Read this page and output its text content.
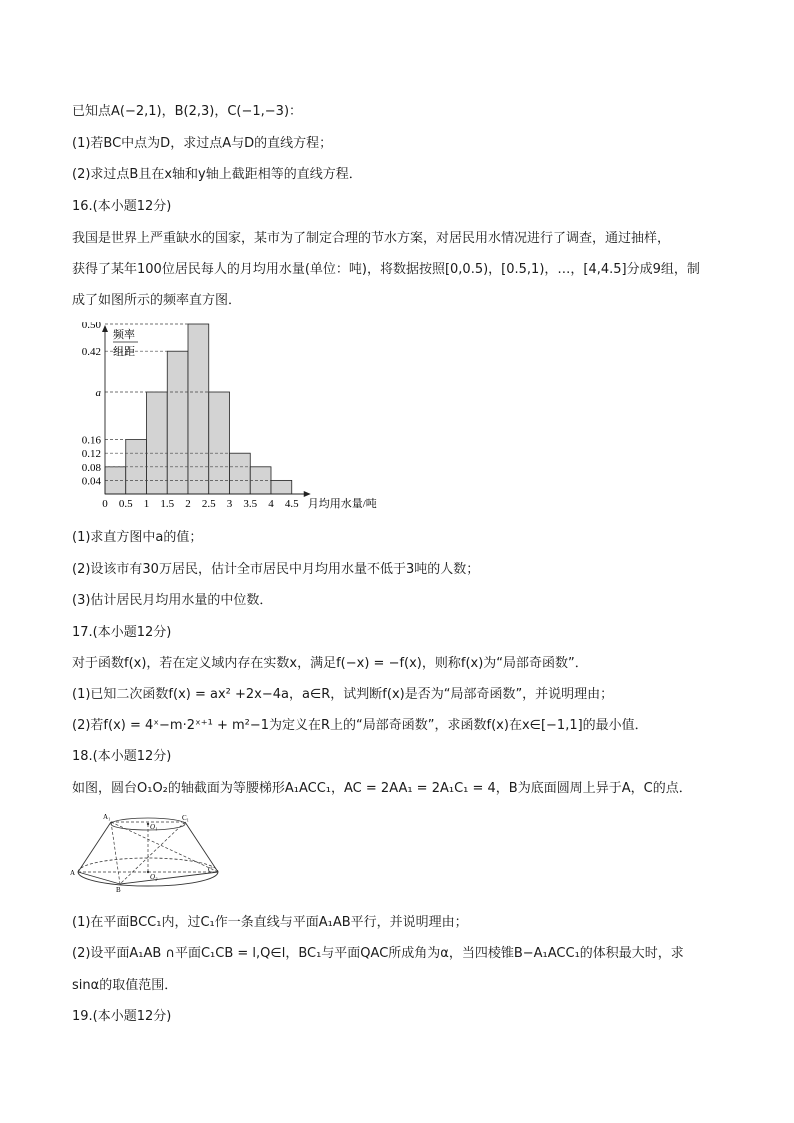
已知点A(−2,1)，B(2,3)，C(−1,−3)：
(1)若BC中点为D，求过点A与D的直线方程；
(2)求过点B且在x轴和y轴上截距相等的直线方程．
16.(本小题12分)
我国是世界上严重缺水的国家，某市为了制定合理的节水方案，对居民用水情况进行了调查，通过抽样，
获得了某年100位居民每人的月均用水量(单位：吨)，将数据按照[0,0.5)，[0.5,1)，…，[4,4.5]分成9组，制
成了如图所示的频率直方图．
0.50
0.42
a
0.16
0.12
0.08
0.04
0 0.5 1 1.5 2 2.5 3 3.5 4 4.5 月均用水量/吨
频率
组距
(1)求直方图中a的值；
(2)设该市有30万居民，估计全市居民中月均用水量不低于3吨的人数；
(3)估计居民月均用水量的中位数．
17.(本小题12分)
对于函数f(x)，若在定义域内存在实数x，满足f(−x) = −f(x)，则称f(x)为“局部奇函数”．
(1)已知二次函数f(x) = ax² +2x−4a，a∈R，试判断f(x)是否为“局部奇函数”，并说明理由；
(2)若f(x) = 4ˣ−m·2ˣ⁺¹ + m²−1为定义在R上的“局部奇函数”，求函数f(x)在x∈[−1,1]的最小值．
18.(本小题12分)
如图，圆台O₁O₂的轴截面为等腰梯形A₁ACC₁，AC = 2AA₁ = 2A₁C₁ = 4，B为底面圆周上异于A，C的点．
A₁	C₁
O₁
A
B
C
O₂
(1)在平面BCC₁内，过C₁作一条直线与平面A₁AB平行，并说明理由；
(2)设平面A₁AB ∩平面C₁CB = l,Q∈l，BC₁与平面QAC所成角为α，当四棱锥B−A₁ACC₁的体积最大时，求
sinα的取值范围．
19.(本小题12分)
